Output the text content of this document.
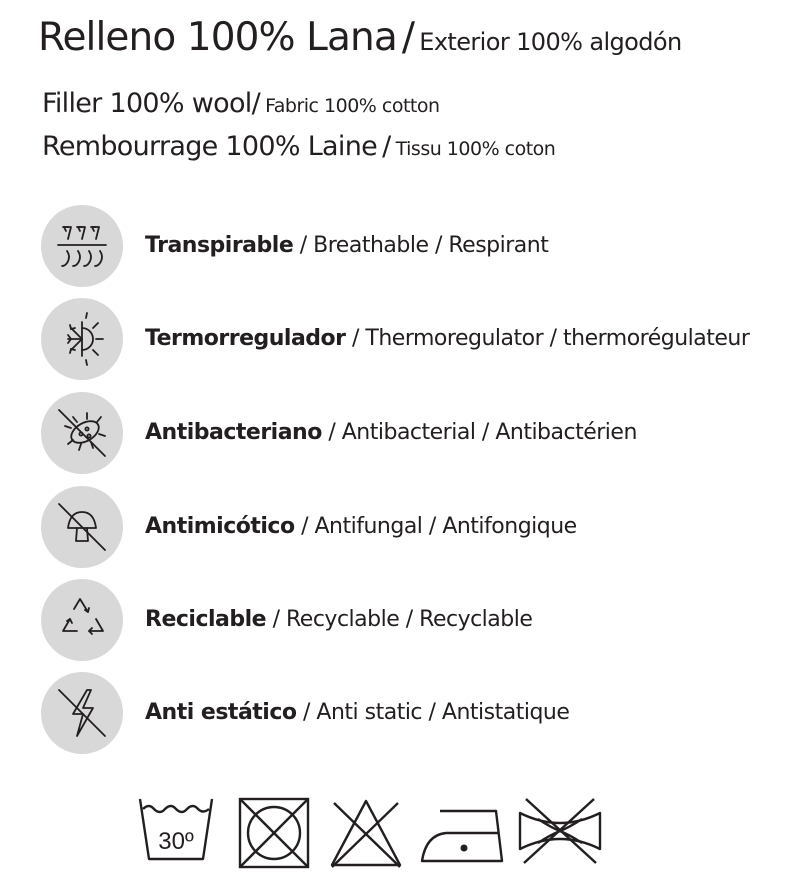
Relleno 100% Lana / Exterior 100% algodón
Filler 100% wool/ Fabric 100% cotton
Rembourrage 100% Laine / Tissu 100% coton
Transpirable / Breathable / Respirant
Termorregulador / Thermoregulator / thermorégulateur
Antibacteriano / Antibacterial / Antibactérien
Antimicótico / Antifungal / Antifongique
Reciclable / Recyclable / Recyclable
Anti estático / Anti static / Antistatique
30º
